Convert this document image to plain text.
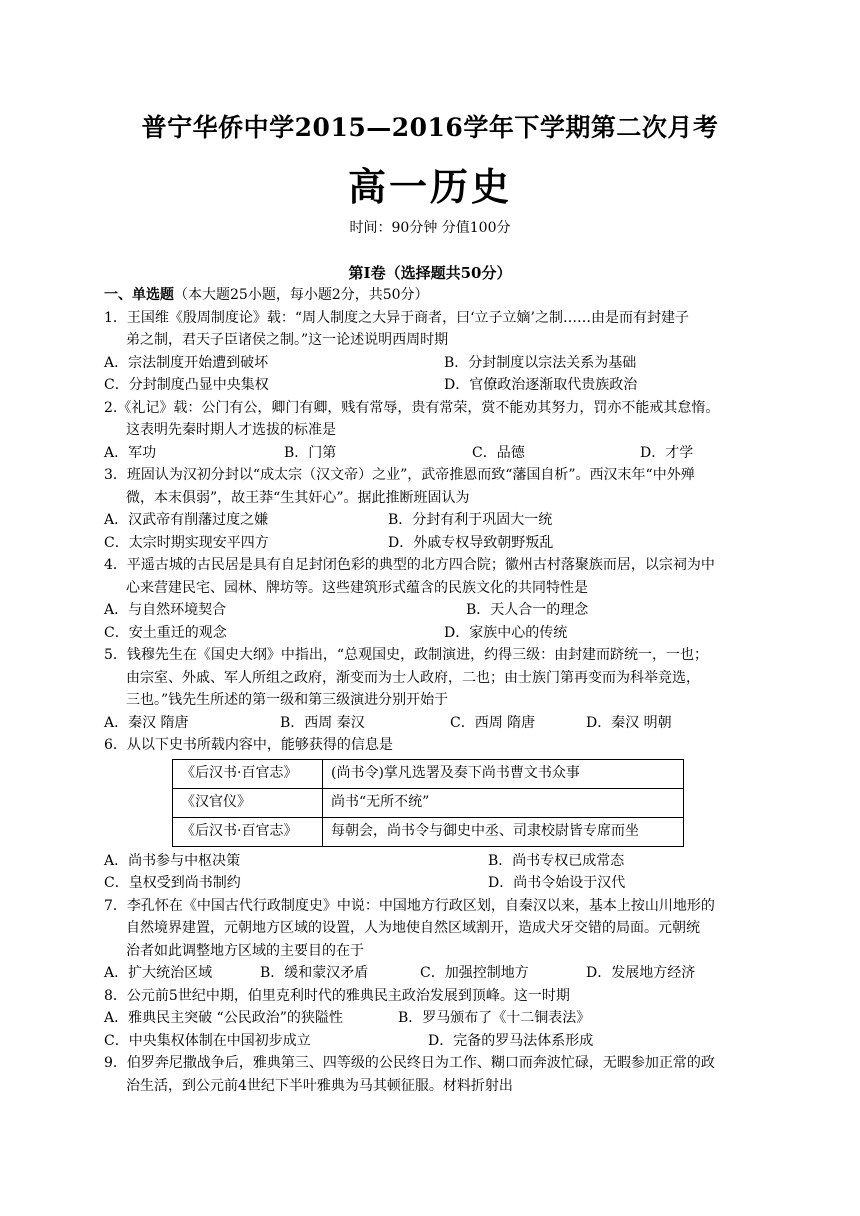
普宁华侨中学2015—2016学年下学期第二次月考
高一历史
时间：90分钟 分值100分
第Ⅰ卷（选择题共50分）
一、单选题（本大题25小题，每小题2分，共50分）
1．王国维《殷周制度论》载：“周人制度之大异于商者，曰‘立子立嫡’之制……由是而有封建子
弟之制，君天子臣诸侯之制。”这一论述说明西周时期
A．宗法制度开始遭到破坏	B．分封制度以宗法关系为基础
C．分封制度凸显中央集权	D．官僚政治逐渐取代贵族政治
2.《礼记》载：公门有公，卿门有卿，贱有常辱，贵有常荣，赏不能劝其努力，罚亦不能戒其怠惰。
这表明先秦时期人才选拔的标准是
A．军功	B．门第	C．品德	D．才学
3．班固认为汉初分封以“成太宗（汉文帝）之业”，武帝推恩而致“藩国自析”。西汉末年“中外殚
微，本末俱弱”，故王莽“生其奸心”。据此推断班固认为
A．汉武帝有削藩过度之嫌	B．分封有利于巩固大一统
C．太宗时期实现安平四方	D．外戚专权导致朝野叛乱
4．平遥古城的古民居是具有自足封闭色彩的典型的北方四合院；徽州古村落聚族而居，以宗祠为中
心来营建民宅、园林、牌坊等。这些建筑形式蕴含的民族文化的共同特性是
A．与自然环境契合	B．天人合一的理念
C．安土重迁的观念	D．家族中心的传统
5．钱穆先生在《国史大纲》中指出，“总观国史，政制演进，约得三级：由封建而跻统一，一也；
由宗室、外戚、军人所组之政府，渐变而为士人政府，二也；由士族门第再变而为科举竞选，
三也。”钱先生所述的第一级和第三级演进分别开始于
A．秦汉 隋唐	B．西周 秦汉	C．西周 隋唐	D．秦汉 明朝
6．从以下史书所载内容中，能够获得的信息是
《后汉书·百官志》	(尚书令)掌凡选署及奏下尚书曹文书众事
《汉官仪》	尚书“无所不统”
《后汉书·百官志》	每朝会，尚书令与御史中丞、司隶校尉皆专席而坐
A．尚书参与中枢决策	B．尚书专权已成常态
C．皇权受到尚书制约	D．尚书令始设于汉代
7．李孔怀在《中国古代行政制度史》中说：中国地方行政区划，自秦汉以来，基本上按山川地形的
自然境界建置，元朝地方区域的设置，人为地使自然区域割开，造成犬牙交错的局面。元朝统
治者如此调整地方区域的主要目的在于
A．扩大统治区域	B．缓和蒙汉矛盾	C．加强控制地方	D．发展地方经济
8．公元前5世纪中期，伯里克利时代的雅典民主政治发展到顶峰。这一时期
A．雅典民主突破 “公民政治”的狭隘性	B．罗马颁布了《十二铜表法》
C．中央集权体制在中国初步成立	D．完备的罗马法体系形成
9．伯罗奔尼撒战争后，雅典第三、四等级的公民终日为工作、糊口而奔波忙碌，无暇参加正常的政
治生活，到公元前4世纪下半叶雅典为马其顿征服。材料折射出
